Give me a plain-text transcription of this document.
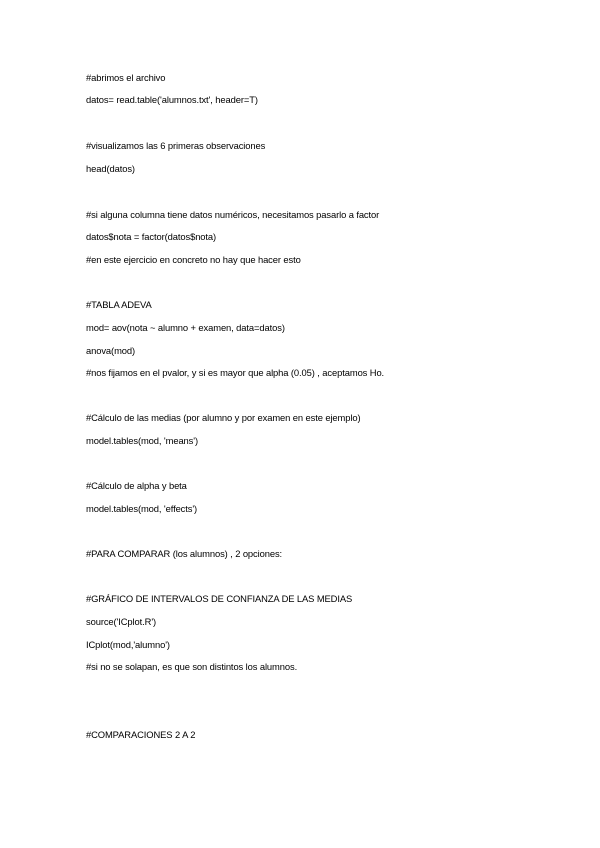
#abrimos el archivo
datos= read.table('alumnos.txt', header=T)
#visualizamos las 6 primeras observaciones
head(datos)
#si alguna columna tiene datos numéricos, necesitamos pasarlo a factor
datos$nota = factor(datos$nota)
#en este ejercicio en concreto no hay que hacer esto
#TABLA ADEVA
mod= aov(nota ~ alumno + examen, data=datos)
anova(mod)
#nos fijamos en el pvalor, y si es mayor que alpha (0.05) , aceptamos Ho.
#Cálculo de las medias (por alumno y por examen en este ejemplo)
model.tables(mod, 'means')
#Cálculo de alpha y beta
model.tables(mod, 'effects')
#PARA COMPARAR (los alumnos) , 2 opciones:
#GRÁFICO DE INTERVALOS DE CONFIANZA DE LAS MEDIAS
source('ICplot.R')
ICplot(mod,'alumno')
#si no se solapan, es que son distintos los alumnos.
#COMPARACIONES 2 A 2
